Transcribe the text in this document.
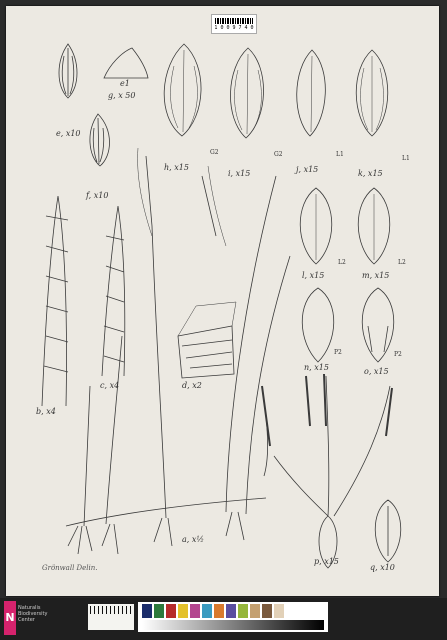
1 0 0 9 7 4 0
e, x10
e1
g, x 50
f, x10
h, x15
G2
i, x15
G2
j, x15
L1
k, x15
L1
l, x15
L2
m, x15
L2
n, x15
P2
o, x15
P2
b, x4
c, x4	d, x2
a, x½
p, x15
q, x10
Grönwall Delin.
N
Naturalis
Biodiversity
Center
